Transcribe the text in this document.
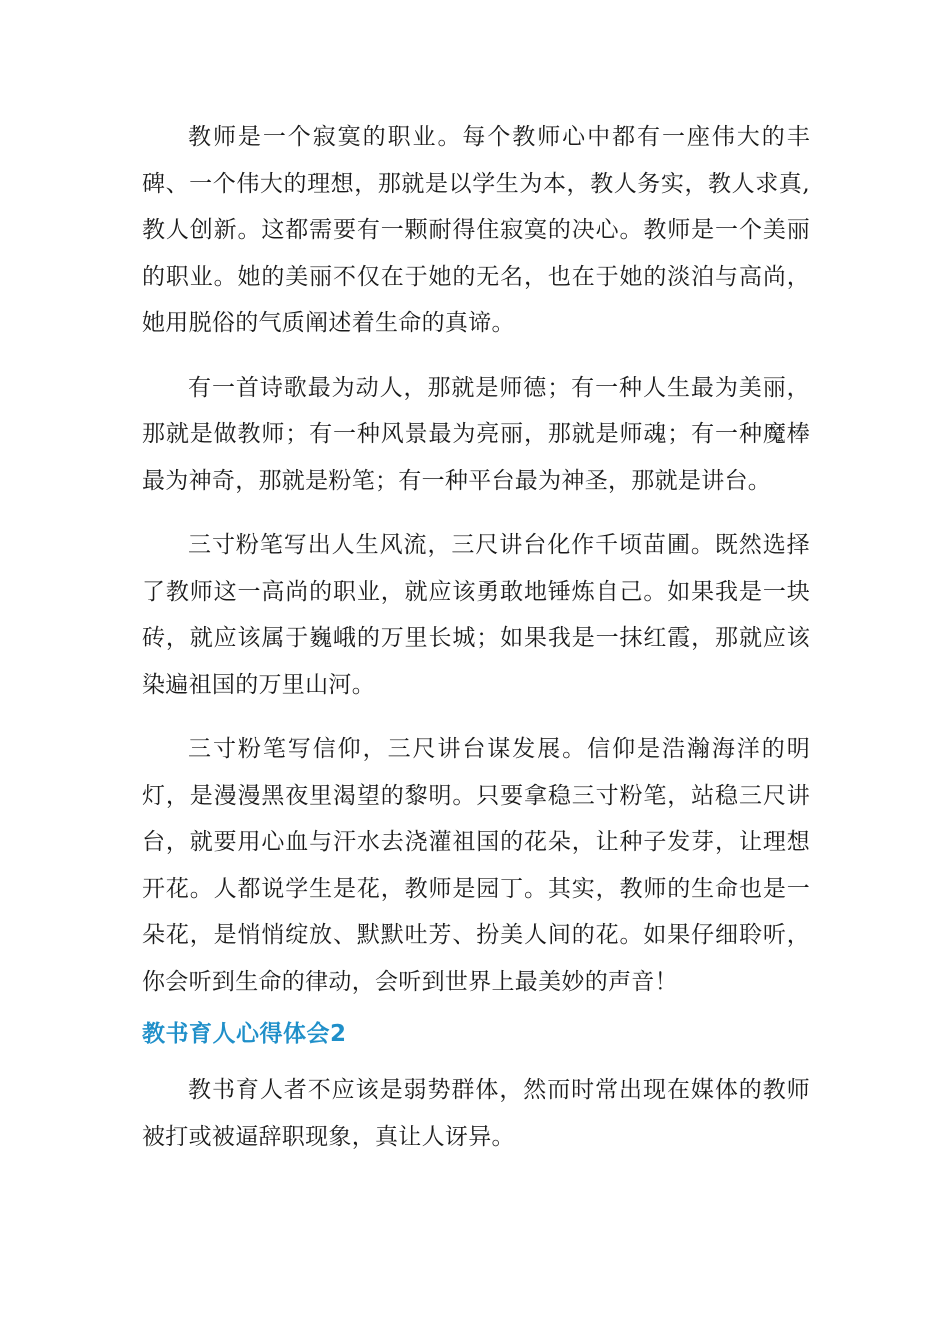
教师是一个寂寞的职业。每个教师心中都有一座伟大的丰碑、一个伟大的理想，那就是以学生为本，教人务实，教人求真,教人创新。这都需要有一颗耐得住寂寞的决心。教师是一个美丽的职业。她的美丽不仅在于她的无名，也在于她的淡泊与高尚，她用脱俗的气质阐述着生命的真谛。

有一首诗歌最为动人，那就是师德；有一种人生最为美丽，那就是做教师；有一种风景最为亮丽，那就是师魂；有一种魔棒最为神奇，那就是粉笔；有一种平台最为神圣，那就是讲台。

三寸粉笔写出人生风流，三尺讲台化作千顷苗圃。既然选择了教师这一高尚的职业，就应该勇敢地锤炼自己。如果我是一块砖，就应该属于巍峨的万里长城；如果我是一抹红霞，那就应该染遍祖国的万里山河。

三寸粉笔写信仰，三尺讲台谋发展。信仰是浩瀚海洋的明灯，是漫漫黑夜里渴望的黎明。只要拿稳三寸粉笔，站稳三尺讲台，就要用心血与汗水去浇灌祖国的花朵，让种子发芽，让理想开花。人都说学生是花，教师是园丁。其实，教师的生命也是一朵花，是悄悄绽放、默默吐芳、扮美人间的花。如果仔细聆听，你会听到生命的律动，会听到世界上最美妙的声音！

教书育人心得体会2

教书育人者不应该是弱势群体，然而时常出现在媒体的教师被打或被逼辞职现象，真让人讶异。
